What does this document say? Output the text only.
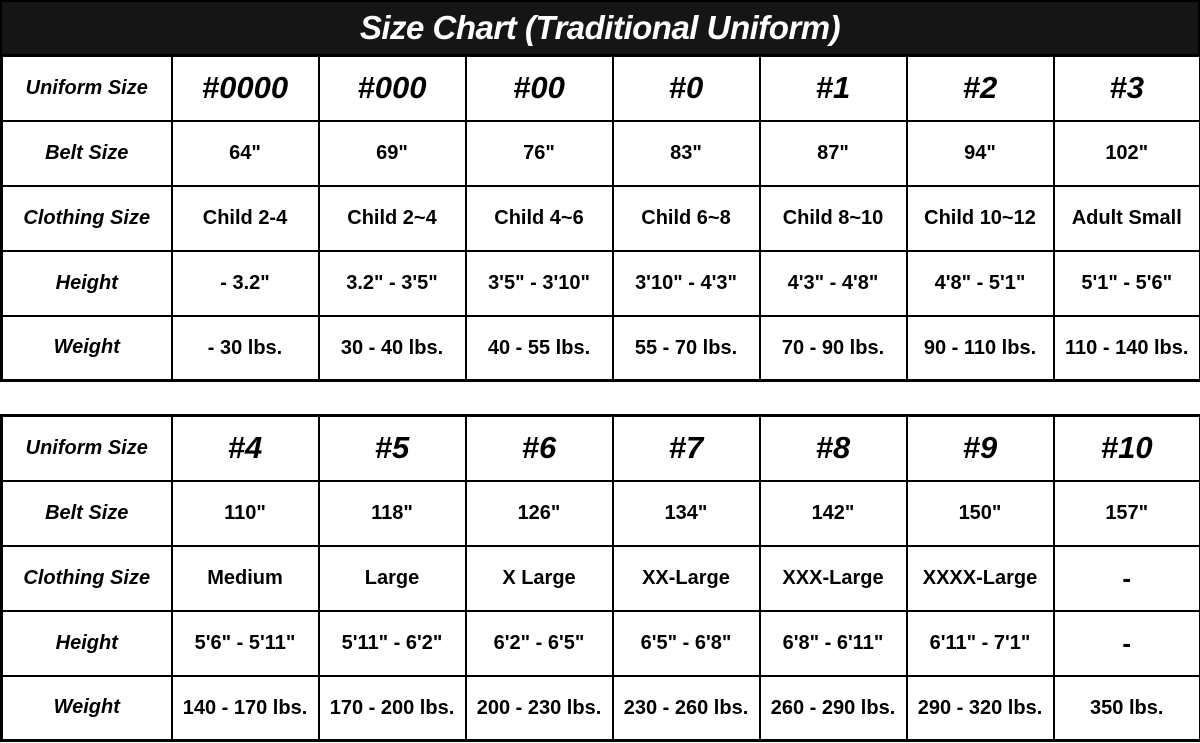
Size Chart (Traditional Uniform)
Uniform Size	#0000	#000	#00	#0	#1	#2	#3
Belt Size	64"	69"	76"	83"	87"	94"	102"
Clothing Size	Child 2-4	Child 2~4	Child 4~6	Child 6~8	Child 8~10	Child 10~12	Adult Small
Height	- 3.2"	3.2" - 3'5"	3'5" - 3'10"	3'10" - 4'3"	4'3" - 4'8"	4'8" - 5'1"	5'1" - 5'6"
Weight	- 30 lbs.	30 - 40 lbs.	40 - 55 lbs.	55 - 70 lbs.	70 - 90 lbs.	90 - 110 lbs.	110 - 140 lbs.
Uniform Size	#4	#5	#6	#7	#8	#9	#10
Belt Size	110"	118"	126"	134"	142"	150"	157"
Clothing Size	Medium	Large	X Large	XX-Large	XXX-Large	XXXX-Large	-
Height	5'6" - 5'11"	5'11" - 6'2"	6'2" - 6'5"	6'5" - 6'8"	6'8" - 6'11"	6'11" - 7'1"	-
Weight	140 - 170 lbs.	170 - 200 lbs.	200 - 230 lbs.	230 - 260 lbs.	260 - 290 lbs.	290 - 320 lbs.	350 lbs.
